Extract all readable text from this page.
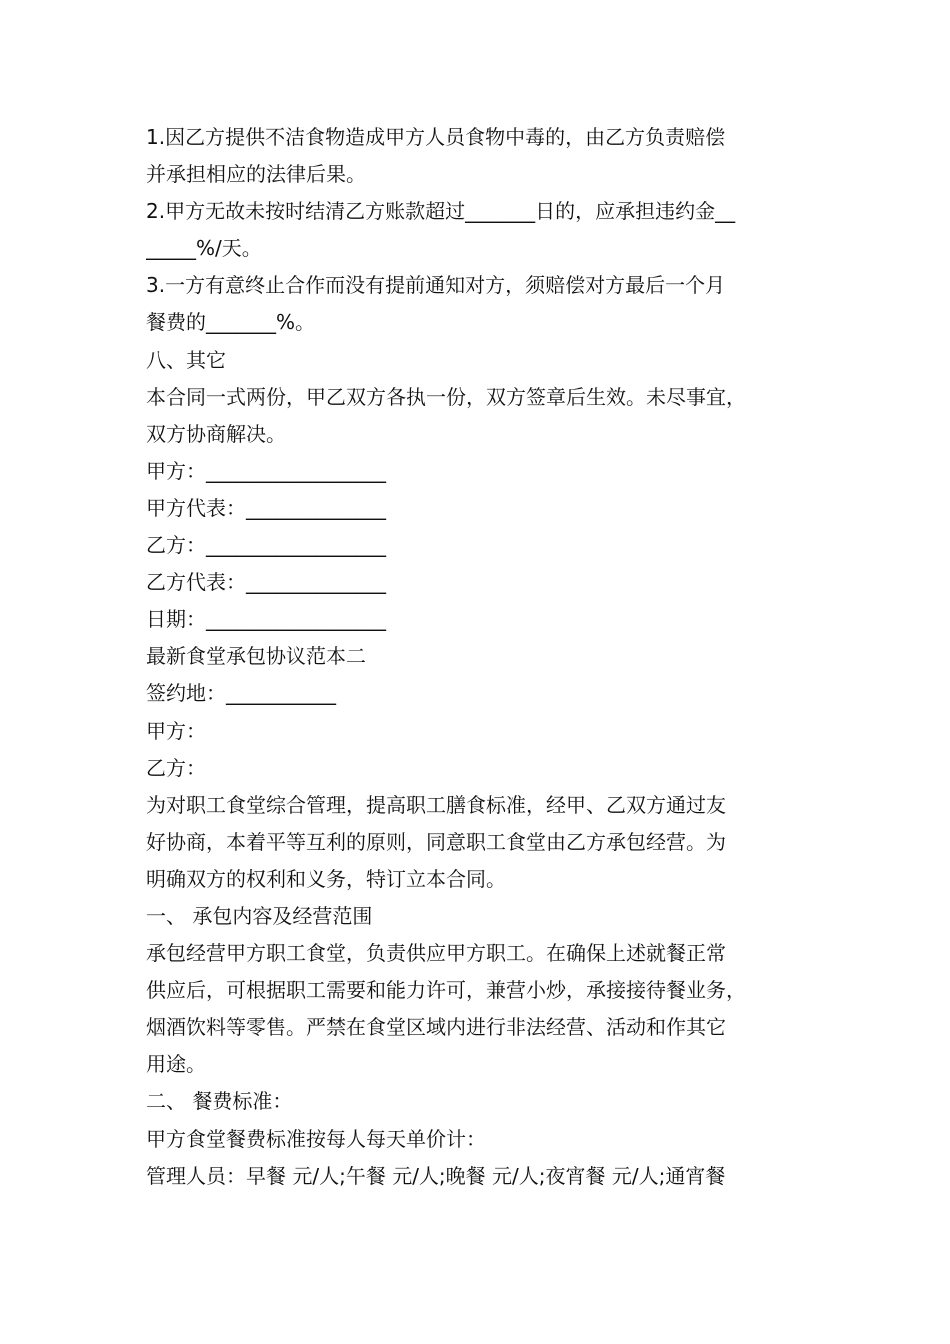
1.因乙方提供不洁食物造成甲方人员食物中毒的，由乙方负责赔偿
并承担相应的法律后果。
2.甲方无故未按时结清乙方账款超过_______日的，应承担违约金__
_____%/天。
3.一方有意终止合作而没有提前通知对方，须赔偿对方最后一个月
餐费的_______%。
八、其它
本合同一式两份，甲乙双方各执一份，双方签章后生效。未尽事宜，
双方协商解决。
甲方：__________________
甲方代表：______________
乙方：__________________
乙方代表：______________
日期：__________________
最新食堂承包协议范本二
签约地：___________
甲方：
乙方：
为对职工食堂综合管理，提高职工膳食标准，经甲、乙双方通过友
好协商，本着平等互利的原则，同意职工食堂由乙方承包经营。为
明确双方的权利和义务，特订立本合同。
一、 承包内容及经营范围
承包经营甲方职工食堂，负责供应甲方职工。在确保上述就餐正常
供应后，可根据职工需要和能力许可，兼营小炒，承接接待餐业务，
烟酒饮料等零售。严禁在食堂区域内进行非法经营、活动和作其它
用途。
二、 餐费标准：
甲方食堂餐费标准按每人每天单价计：
管理人员：早餐 元/人;午餐 元/人;晚餐 元/人;夜宵餐 元/人;通宵餐
